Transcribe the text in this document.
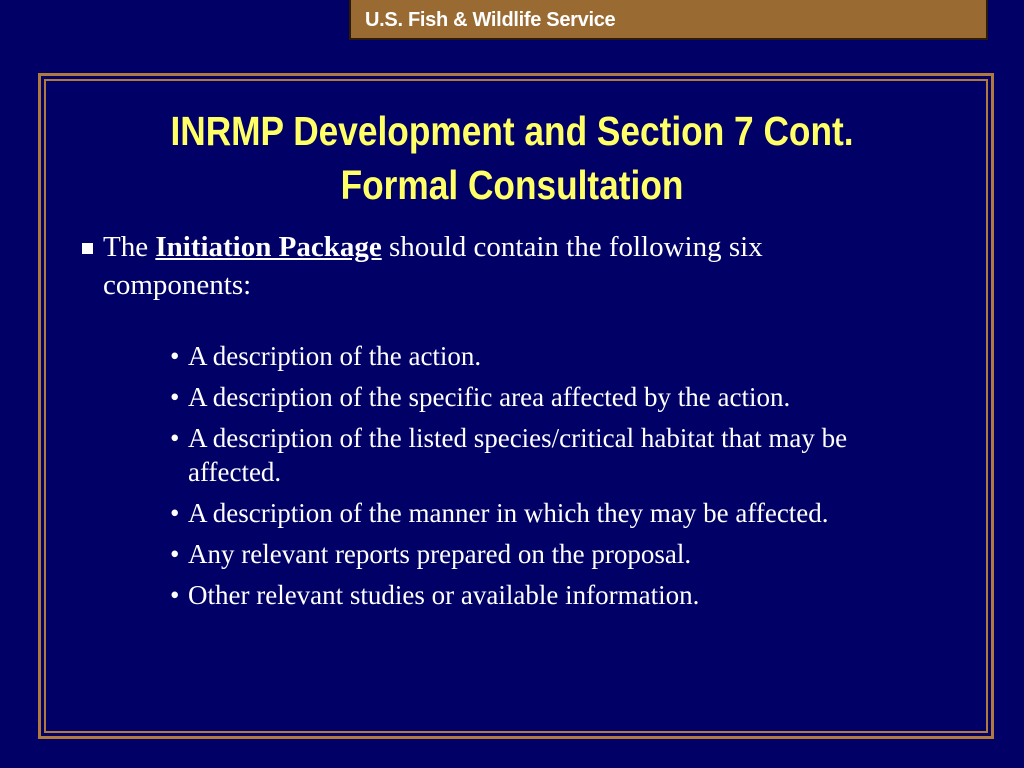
U.S. Fish & Wildlife Service
INRMP Development and Section 7 Cont.
Formal Consultation
The Initiation Package should contain the following six components:
• A description of the action.
• A description of the specific area affected by the action.
• A description of the listed species/critical habitat that may be affected.
• A description of the manner in which they may be affected.
• Any relevant reports prepared on the proposal.
• Other relevant studies or available information.
